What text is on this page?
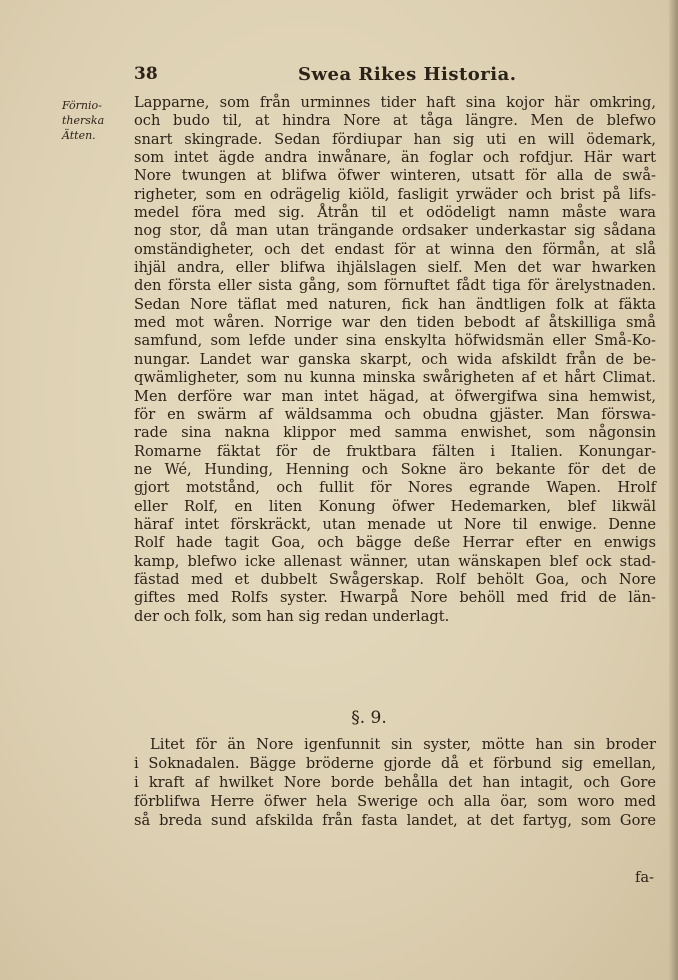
38	Swea Rikes Historia.
Förnio-
therska
Ätten.
Lapparne, som från urminnes tider haft sina kojor här omkring,
och budo til, at hindra Nore at tåga längre. Men de blefwo
snart skingrade. Sedan fördiupar han sig uti en will ödemark,
som intet ägde andra inwånare, än foglar och rofdjur. Här wart
Nore twungen at blifwa öfwer winteren, utsatt för alla de swå-
righeter, som en odrägelig kiöld, fasligit yrwäder och brist på lifs-
medel föra med sig. Åtrån til et odödeligt namn måste wara
nog stor, då man utan trängande ordsaker underkastar sig sådana
omständigheter, och det endast för at winna den förmån, at slå
ihjäl andra, eller blifwa ihjälslagen sielf. Men det war hwarken
den första eller sista gång, som förnuftet fådt tiga för ärelystnaden.
Sedan Nore täflat med naturen, fick han ändtligen folk at fäkta
med mot wåren. Norrige war den tiden bebodt af åtskilliga små
samfund, som lefde under sina enskylta höfwidsmän eller Små-Ko-
nungar. Landet war ganska skarpt, och wida afskildt från de be-
qwämligheter, som nu kunna minska swårigheten af et hårt Climat.
Men derföre war man intet hägad, at öfwergifwa sina hemwist,
för en swärm af wäldsamma och obudna gjäster. Man förswa-
rade sina nakna klippor med samma enwishet, som någonsin
Romarne fäktat för de fruktbara fälten i Italien. Konungar-
ne Wé, Hunding, Henning och Sokne äro bekante för det de
gjort motstånd, och fullit för Nores egrande Wapen. Hrolf
eller Rolf, en liten Konung öfwer Hedemarken, blef likwäl
häraf intet förskräckt, utan menade ut Nore til enwige. Denne
Rolf hade tagit Goa, och bägge deße Herrar efter en enwigs
kamp, blefwo icke allenast wänner, utan wänskapen blef ock stad-
fästad med et dubbelt Swågerskap. Rolf behölt Goa, och Nore
giftes med Rolfs syster. Hwarpå Nore behöll med frid de län-
der och folk, som han sig redan underlagt.
§. 9.
Litet för än Nore igenfunnit sin syster, mötte han sin broder
i Soknadalen. Bägge bröderne gjorde då et förbund sig emellan,
i kraft af hwilket Nore borde behålla det han intagit, och Gore
förblifwa Herre öfwer hela Swerige och alla öar, som woro med
så breda sund afskilda från fasta landet, at det fartyg, som Gore
fa-
